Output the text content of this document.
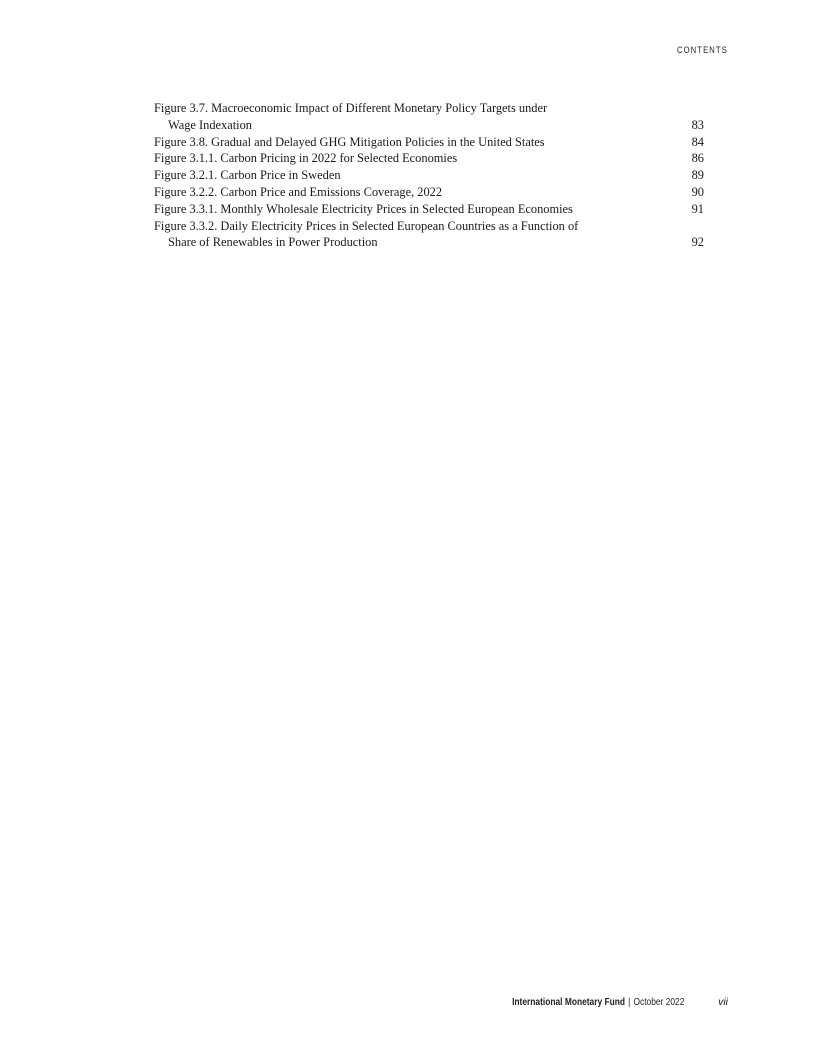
CONTENTS
Figure 3.7. Macroeconomic Impact of Different Monetary Policy Targets under
Wage Indexation	83
Figure 3.8. Gradual and Delayed GHG Mitigation Policies in the United States	84
Figure 3.1.1. Carbon Pricing in 2022 for Selected Economies	86
Figure 3.2.1. Carbon Price in Sweden	89
Figure 3.2.2. Carbon Price and Emissions Coverage, 2022	90
Figure 3.3.1. Monthly Wholesale Electricity Prices in Selected European Economies	91
Figure 3.3.2. Daily Electricity Prices in Selected European Countries as a Function of
Share of Renewables in Power Production	92
International Monetary Fund | October 2022	vii
